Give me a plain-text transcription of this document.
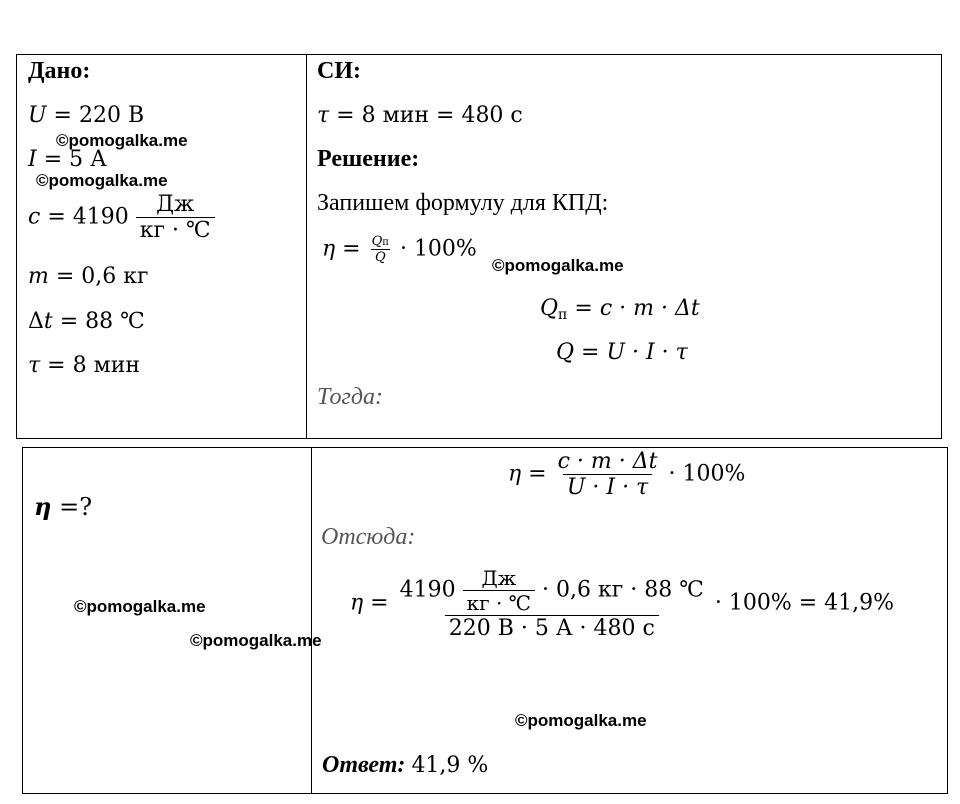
Дано:
U = 220 В
I = 5 А
$c = 4190 \frac{Дж}{кг \cdot ℃}$
m = 0,6 кг
Δt = 88 ℃
τ = 8 мин
СИ:
τ = 8 мин = 480 с
Решение:
Запишем формулу для КПД:
$\eta = \frac{Qп}{Q} \cdot 100\%$
$Q_п = c \cdot m \cdot \Delta t$
Q = U · I · τ
Тогда:
η =?
$\eta = \frac{c \cdot m \cdot \Delta t}{U \cdot I \cdot \tau} \cdot 100\%$
Отсюда:
η =
$4190 \frac{Дж}{кг \cdot ℃} \cdot 0,6$ кг · 88 ℃
220 В · 5 А · 480 с
· 100% = 41,9%
Ответ: 41,9 %
©pomogalka.me
©pomogalka.me
©pomogalka.me
©pomogalka.me
©pomogalka.me
©pomogalka.me
